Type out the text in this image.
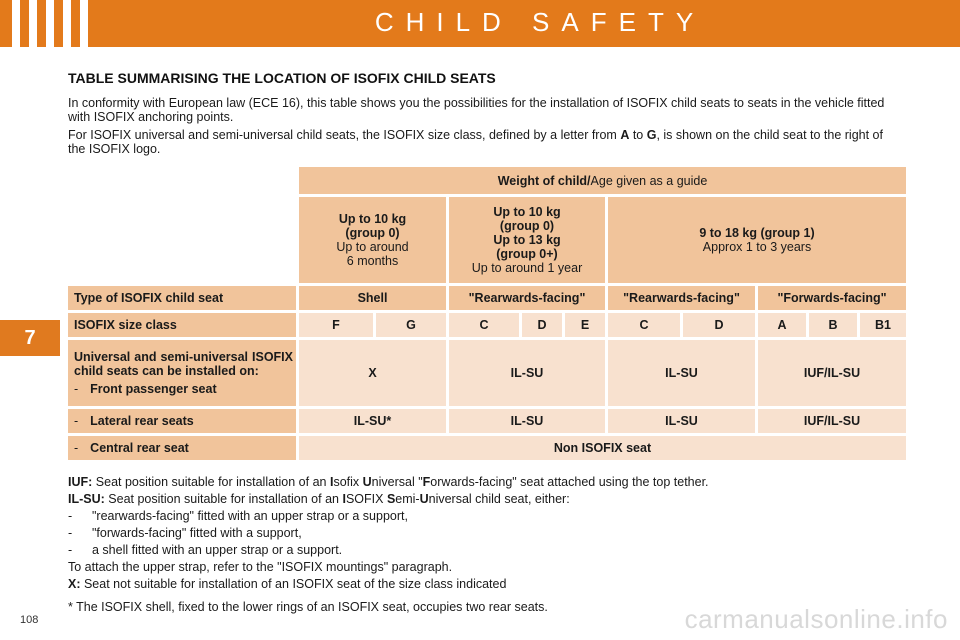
CHILD SAFETY
7
TABLE SUMMARISING THE LOCATION OF ISOFIX CHILD SEATS

In conformity with European law (ECE 16), this table shows you the possibilities for the installation of ISOFIX child seats to seats in the vehicle fitted with ISOFIX anchoring points.

For ISOFIX universal and semi-universal child seats, the ISOFIX size class, defined by a letter from A to G, is shown on the child seat to the right of the ISOFIX logo.

	Weight of child/Age given as a guide									
	Up to 10 kg
(group 0)
Up to around
6 months		Up to 10 kg
(group 0)
Up to 13 kg
(group 0+)
Up to around 1 year			9 to 18 kg (group 1)
Approx 1 to 3 years				
Type of ISOFIX child seat	Shell		"Rearwards-facing"			"Rearwards-facing"		"Forwards-facing"		
ISOFIX size class	F	G	C	D	E	C	D	A	B	B1

Universal and semi-universal ISOFIX child seats can be installed on:
- Front passenger seat	X		IL-SU			IL-SU		IUF/IL-SU		
- Lateral rear seats	IL-SU*		IL-SU			IL-SU		IUF/IL-SU		
- Central rear seat	Non ISOFIX seat									
IUF: Seat position suitable for installation of an Isofix Universal "Forwards-facing" seat attached using the top tether.
IL-SU: Seat position suitable for installation of an ISOFIX Semi-Universal child seat, either:
- "rearwards-facing" fitted with an upper strap or a support,
- "forwards-facing" fitted with a support,
- a shell fitted with an upper strap or a support.
To attach the upper strap, refer to the "ISOFIX mountings" paragraph.
X: Seat not suitable for installation of an ISOFIX seat of the size class indicated
* The ISOFIX shell, fixed to the lower rings of an ISOFIX seat, occupies two rear seats.
108	carmanualsonline.info
